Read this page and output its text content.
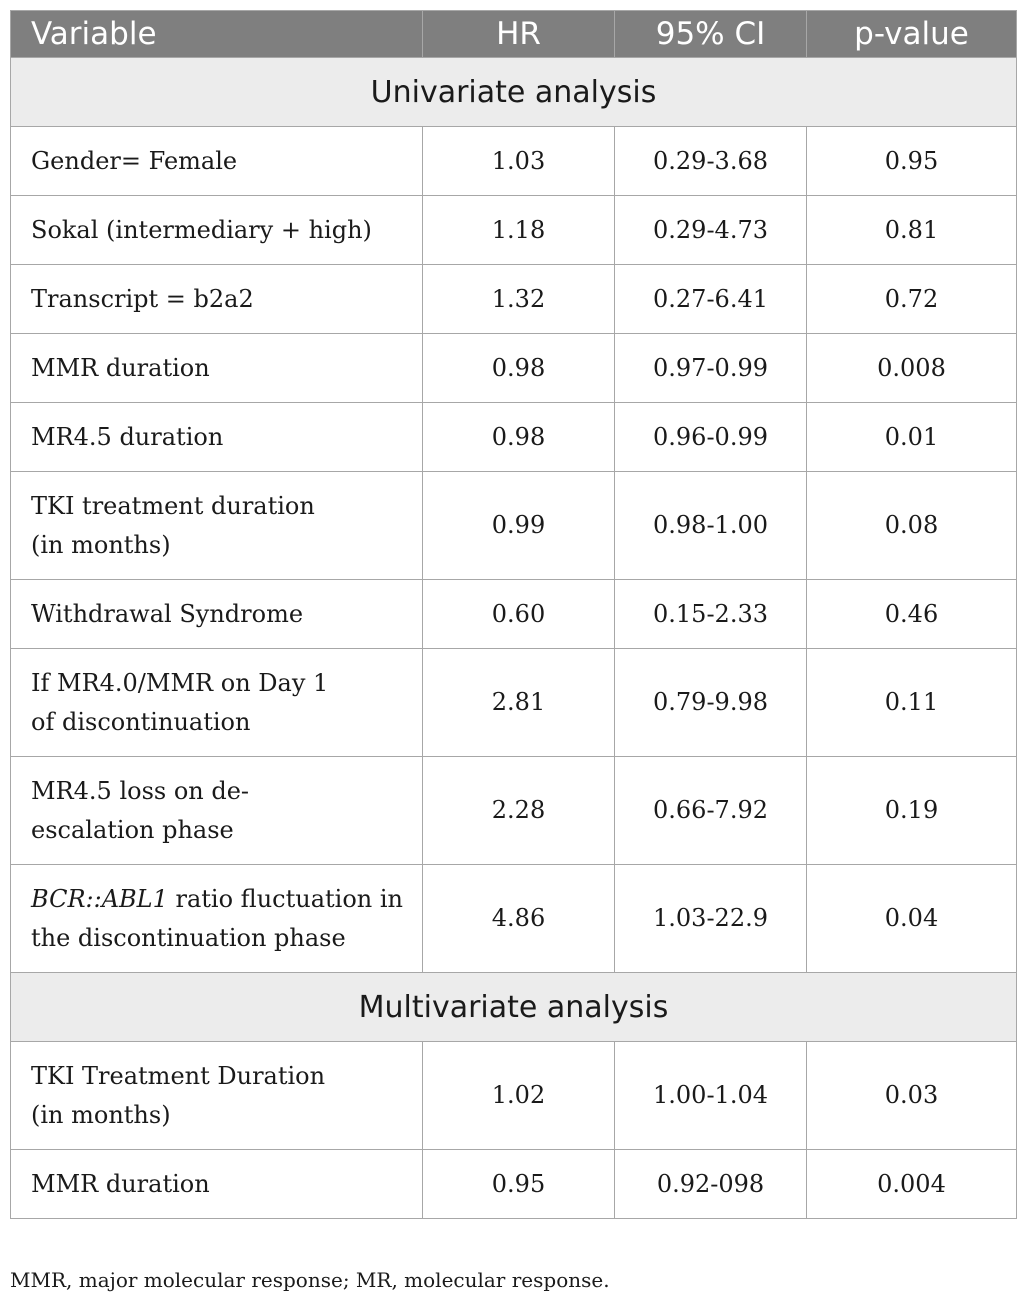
Variable	HR	95% CI	p-value
Univariate analysis			

Gender= Female	1.03	0.29-3.68	0.95

Sokal (intermediary + high)	1.18	0.29-4.73	0.81

Transcript = b2a2	1.32	0.27-6.41	0.72

MMR duration	0.98	0.97-0.99	0.008

MR4.5 duration	0.98	0.96-0.99	0.01

TKI treatment duration
(in months)	0.99	0.98-1.00	0.08

Withdrawal Syndrome	0.60	0.15-2.33	0.46

If MR4.0/MMR on Day 1
of discontinuation	2.81	0.79-9.98	0.11

MR4.5 loss on de-
escalation phase	2.28	0.66-7.92	0.19

BCR::ABL1 ratio fluctuation in
the discontinuation phase	4.86	1.03-22.9	0.04
Multivariate analysis			

TKI Treatment Duration
(in months)	1.02	1.00-1.04	0.03

MMR duration	0.95	0.92-098	0.004
MMR, major molecular response; MR, molecular response.
